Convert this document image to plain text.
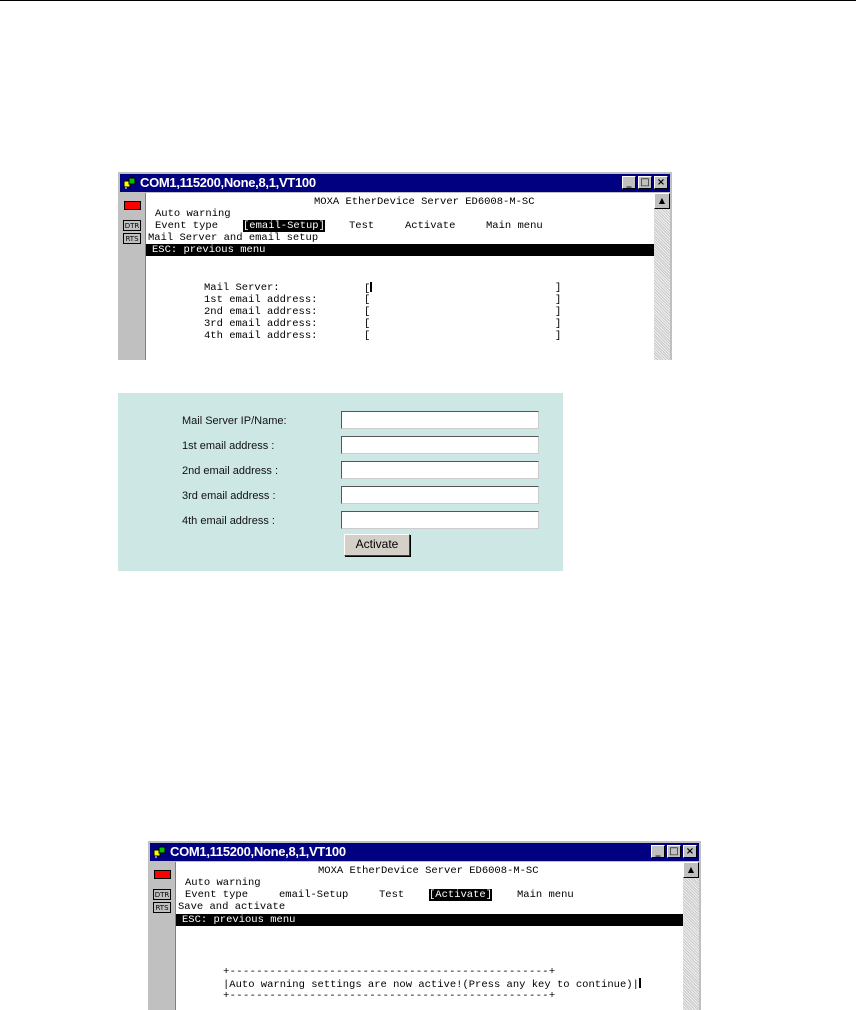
COM1,115200,None,8,1,VT100	_ □ ×
DTR
RTS
MOXA EtherDevice Server ED6008-M-SC
Auto warning
Event type [email-Setup] Test	Activate	Main menu
Mail Server and email setup
ESC: previous menu
Mail Server:	[	]
1st email address:	[	]
2nd email address:	[	]
3rd email address:	[	]
4th email address:	[	]
▲
Mail Server IP/Name:
1st email address :
2nd email address :
3rd email address :
4th email address :
Activate
COM1,115200,None,8,1,VT100	_ □ ×
DTR
RTS
MOXA EtherDevice Server ED6008-M-SC
Auto warning
Event type	email-Setup	Test [Activate] Main menu
Save and activate
ESC: previous menu
+------------------------------------------------+
|Auto warning settings are now active!(Press any key to continue)|
+------------------------------------------------+
▲
